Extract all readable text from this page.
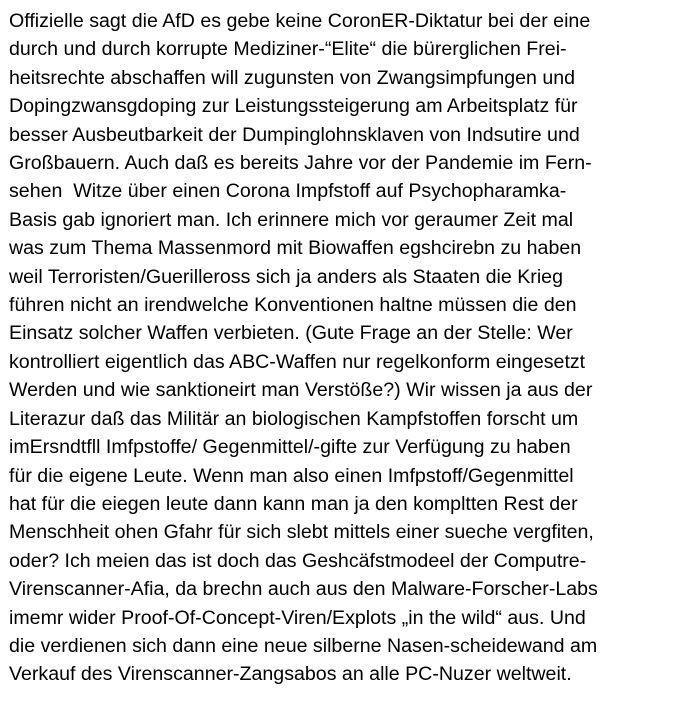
Offizielle sagt die AfD es gebe keine CoronER-Diktatur bei der eine
durch und durch korrupte Mediziner-“Elite“ die bürerglichen Frei-
heitsrechte abschaffen will zugunsten von Zwangsimpfungen und
Dopingzwansgdoping zur Leistungssteigerung am Arbeitsplatz für
besser Ausbeutbarkeit der Dumpinglohnsklaven von Indsutire und
Großbauern. Auch daß es bereits Jahre vor der Pandemie im Fern-
sehen  Witze über einen Corona Impfstoff auf Psychopharamka-
Basis gab ignoriert man. Ich erinnere mich vor geraumer Zeit mal
was zum Thema Massenmord mit Biowaffen egshcirebn zu haben
weil Terroristen/Guerilleross sich ja anders als Staaten die Krieg
führen nicht an irendwelche Konventionen haltne müssen die den
Einsatz solcher Waffen verbieten. (Gute Frage an der Stelle: Wer
kontrolliert eigentlich das ABC-Waffen nur regelkonform eingesetzt
Werden und wie sanktioneirt man Verstöße?) Wir wissen ja aus der
Literazur daß das Militär an biologischen Kampfstoffen forscht um
imErsndtfll Imfpstoffe/ Gegenmittel/-gifte zur Verfügung zu haben
für die eigene Leute. Wenn man also einen Imfpstoff/Gegenmittel
hat für die eiegen leute dann kann man ja den kompltten Rest der
Menschheit ohen Gfahr für sich slebt mittels einer sueche vergfiten,
oder? Ich meien das ist doch das Geshcäfstmodeel der Computre-
Virenscanner-Afia, da brechn auch aus den Malware-Forscher-Labs
imemr wider Proof-Of-Concept-Viren/Explots „in the wild“ aus. Und
die verdienen sich dann eine neue silberne Nasen-scheidewand am
Verkauf des Virenscanner-Zangsabos an alle PC-Nuzer weltweit.
